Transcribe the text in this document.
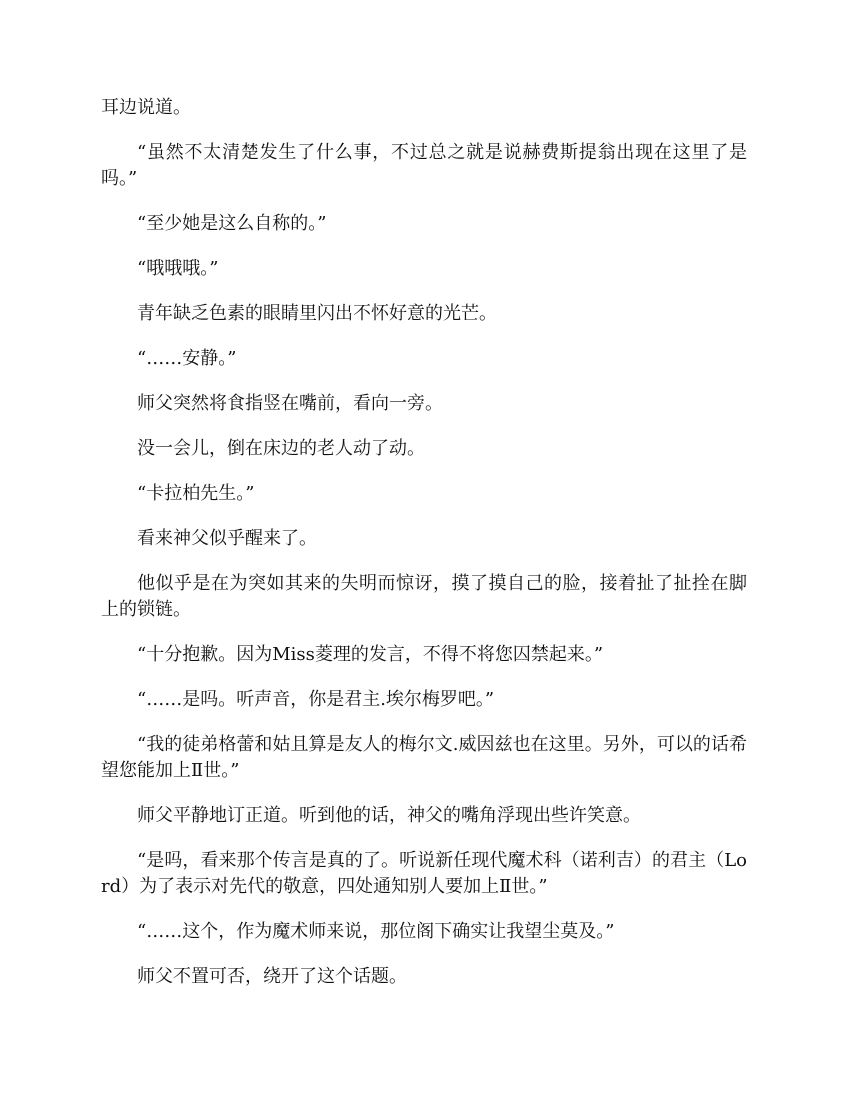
耳边说道。

“虽然不太清楚发生了什么事，不过总之就是说赫费斯提翁出现在这里了是吗。”

“至少她是这么自称的。”

“哦哦哦。”

青年缺乏色素的眼睛里闪出不怀好意的光芒。

“……安静。”

师父突然将食指竖在嘴前，看向一旁。

没一会儿，倒在床边的老人动了动。

“卡拉柏先生。”

看来神父似乎醒来了。

他似乎是在为突如其来的失明而惊讶，摸了摸自己的脸，接着扯了扯拴在脚上的锁链。

“十分抱歉。因为Miss菱理的发言，不得不将您囚禁起来。”

“……是吗。听声音，你是君主.埃尔梅罗吧。”

“我的徒弟格蕾和姑且算是友人的梅尔文.威因兹也在这里。另外，可以的话希望您能加上Ⅱ世。”

师父平静地订正道。听到他的话，神父的嘴角浮现出些许笑意。

“是吗，看来那个传言是真的了。听说新任现代魔术科（诺利吉）的君主（Lord）为了表示对先代的敬意，四处通知别人要加上Ⅱ世。”

“……这个，作为魔术师来说，那位阁下确实让我望尘莫及。”

师父不置可否，绕开了这个话题。
